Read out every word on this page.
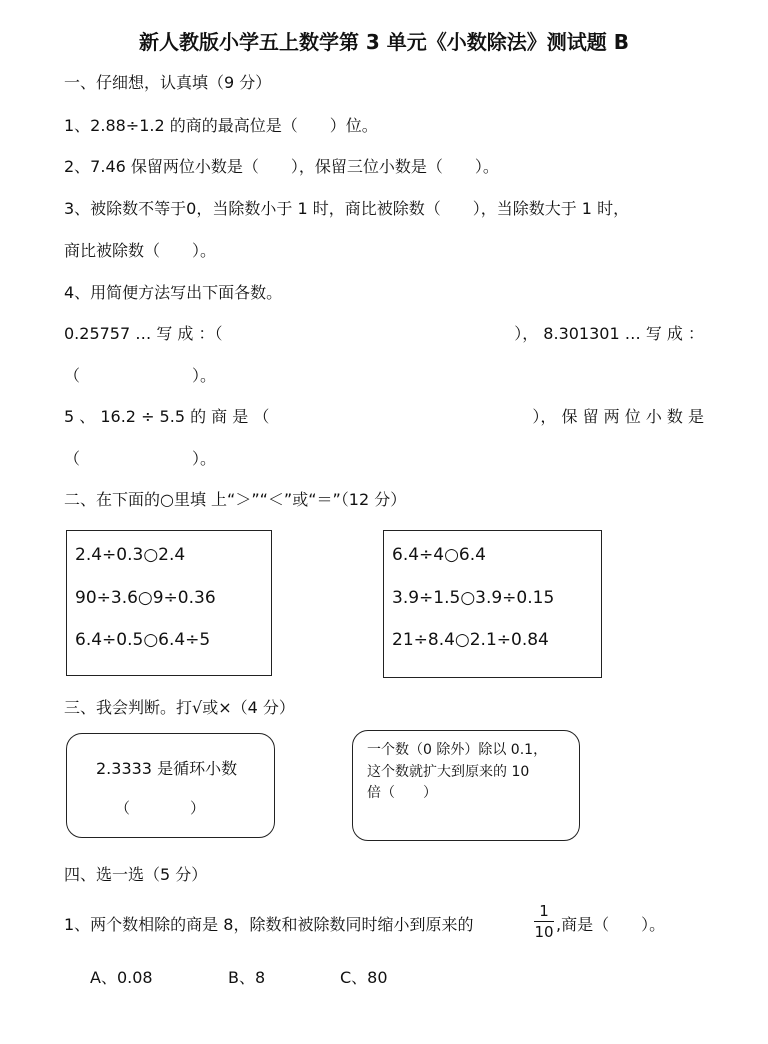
新人教版小学五上数学第 3 单元《小数除法》测试题 B
一、仔细想，认真填（9 分）
1、2.88÷1.2 的商的最高位是（　　）位。
2、7.46 保留两位小数是（　　），保留三位小数是（　　）。
3、被除数不等于0，当除数小于 1 时，商比被除数（　　），当除数大于 1 时，
商比被除数（　　）。
4、用简便方法写出下面各数。
0.25757 … 写 成 ：（	）， 8.301301 … 写 成 ：
（　　　　　　　）。
5 、 16.2 ÷ 5.5 的 商 是 （	）， 保 留 两 位 小 数 是
（　　　　　　　）。
二、在下面的○里填 上“＞”“＜”或“＝”（12 分）
2.4÷0.3○2.4
90÷3.6○9÷0.36
6.4÷0.5○6.4÷5
6.4÷4○6.4
3.9÷1.5○3.9÷0.15
21÷8.4○2.1÷0.84
三、我会判断。打√或×（4 分）
2.3333 是循环小数
（　　　　）
一个数（0 除外）除以 0.1，
这个数就扩大到原来的 10
倍（　　）
四、选一选（5 分）
1、两个数相除的商是 8，除数和被除数同时缩小到原来的
1
10 ,商是（　　）。
A、0.08	B、8	C、80
